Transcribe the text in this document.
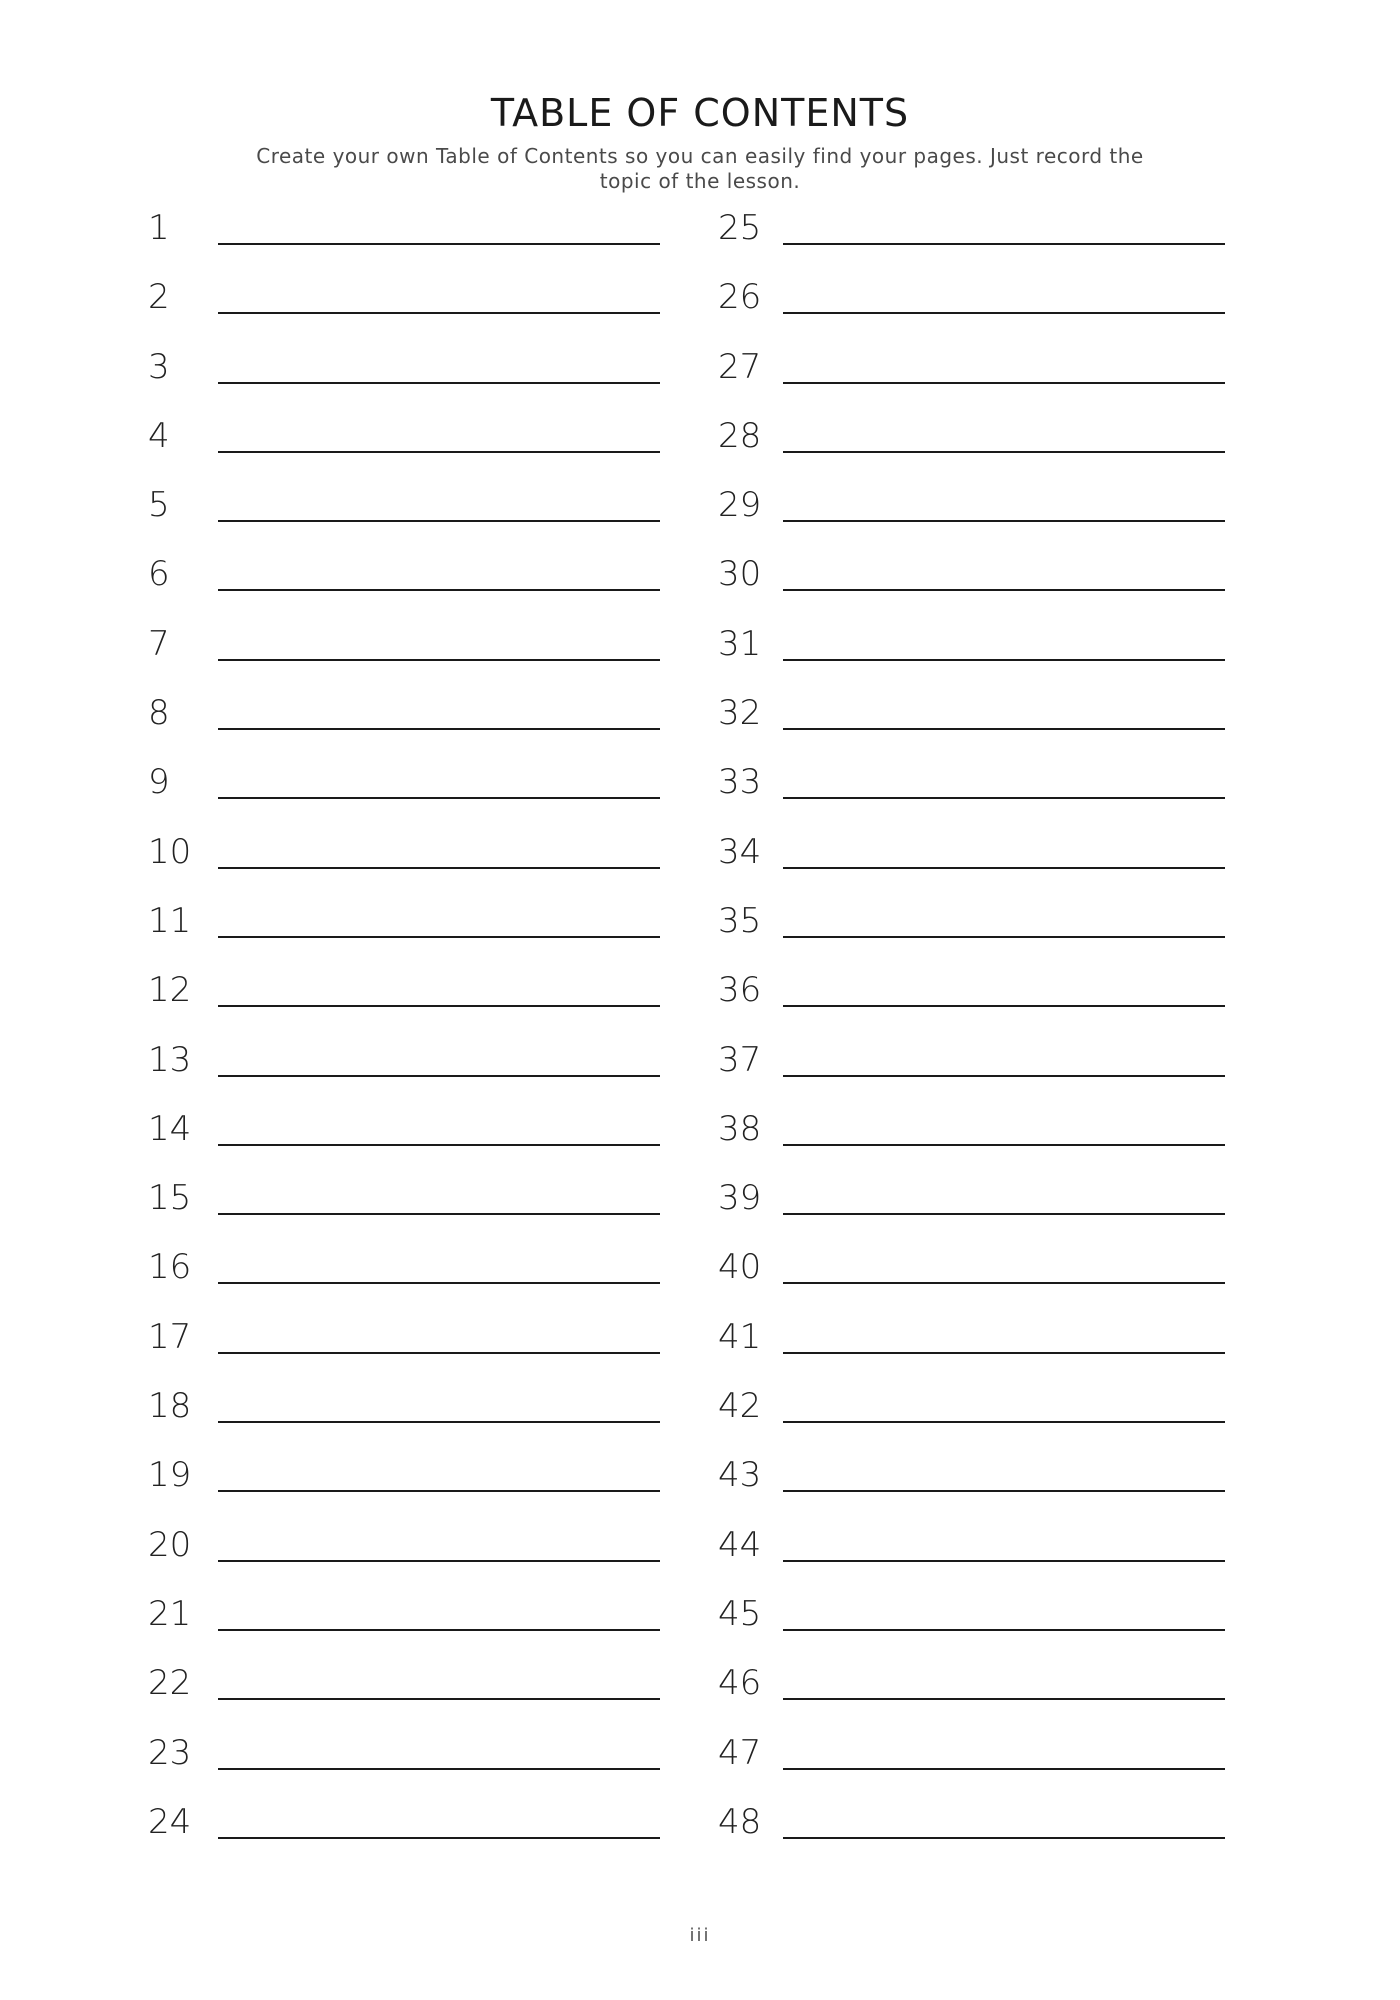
TABLE OF CONTENTS
Create your own Table of Contents so you can easily find your pages. Just record the topic of the lesson.
1
2
3
4
5
6
7
8
9
10
11
12
13
14
15
16
17
18
19
20
21
22
23
24
25
26
27
28
29
30
31
32
33
34
35
36
37
38
39
40
41
42
43
44
45
46
47
48
iii
